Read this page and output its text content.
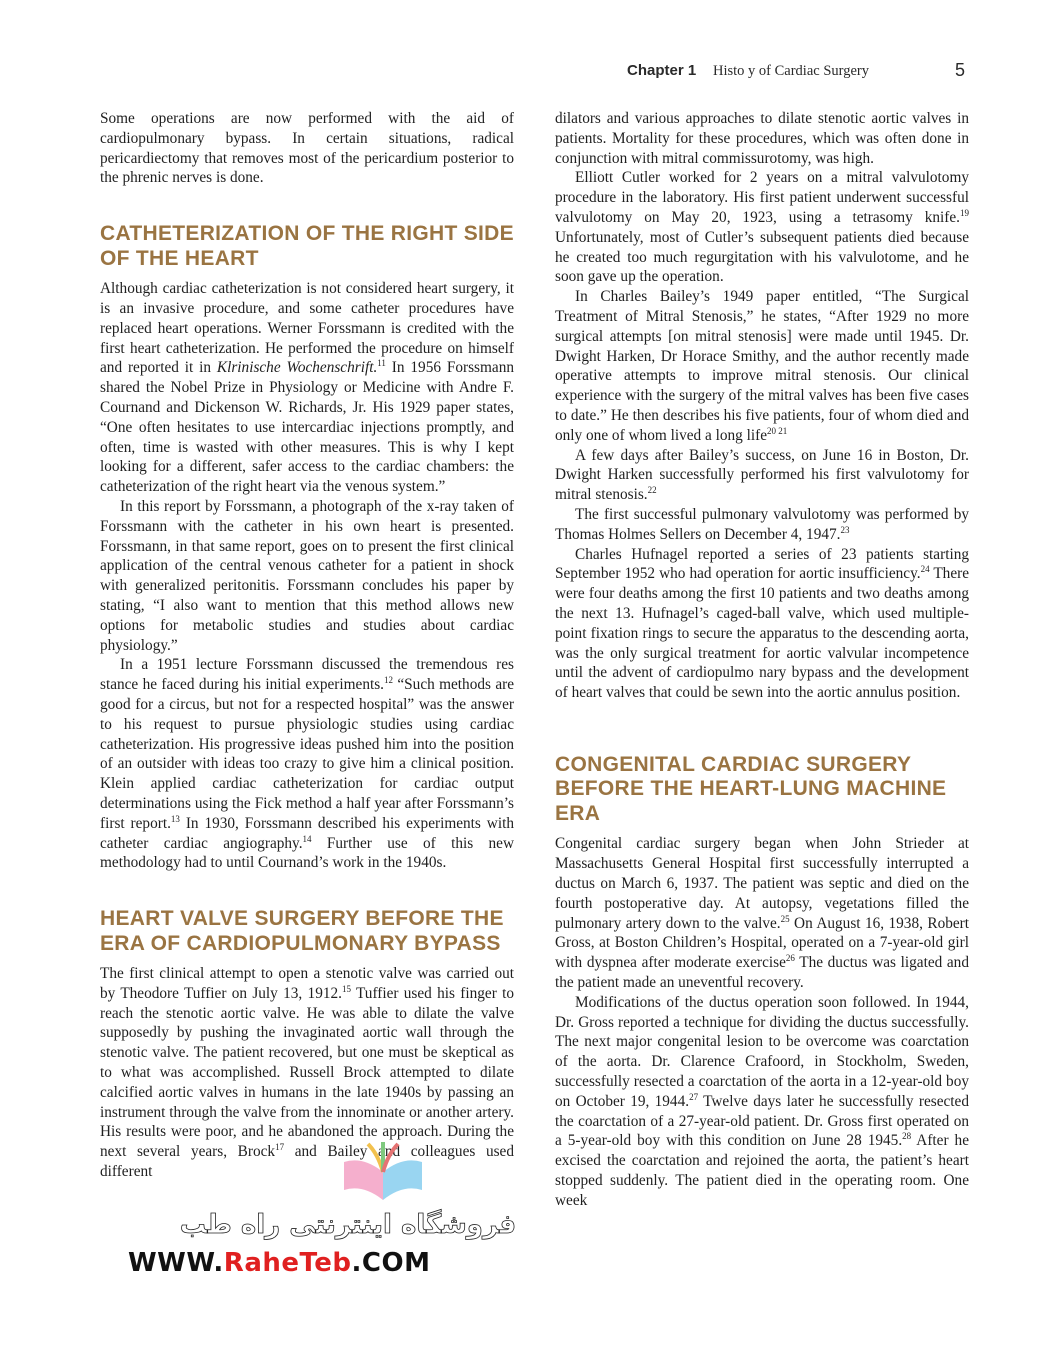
Chapter 1 Histo y of Cardiac Surgery	5

Some operations are now performed with the aid of cardiopulmonary bypass. In certain situations, radical pericardiectomy that removes most of the pericardium posterior to the phrenic nerves is done.

CATHETERIZATION OF THE RIGHT SIDE OF THE HEART

Although cardiac catheterization is not considered heart surgery, it is an invasive procedure, and some catheter procedures have replaced heart operations. Werner Forssmann is credited with the first heart catheterization. He performed the procedure on himself and reported it in Klrinische Wochenschrift.$^{11}$ In 1956 Forssmann shared the Nobel Prize in Physiology or Medicine with Andre F. Cournand and Dickenson W. Richards, Jr. His 1929 paper states, “One often hesitates to use intercardiac injections promptly, and often, time is wasted with other measures. This is why I kept looking for a different, safer access to the cardiac chambers: the catheterization of the right heart via the venous system.”

In this report by Forssmann, a photograph of the x-ray taken of Forssmann with the catheter in his own heart is presented. Forssmann, in that same report, goes on to present the first clinical application of the central venous catheter for a patient in shock with generalized peritonitis. Forssmann concludes his paper by stating, “I also want to mention that this method allows new options for metabolic studies and studies about cardiac physiology.”

In a 1951 lecture Forssmann discussed the tremendous res stance he faced during his initial experiments.$^{12}$ “Such methods are good for a circus, but not for a respected hospital” was the answer to his request to pursue physiologic studies using cardiac catheterization. His progressive ideas pushed him into the position of an outsider with ideas too crazy to give him a clinical position. Klein applied cardiac catheterization for cardiac output determinations using the Fick method a half year after Forssmann’s first report.$^{13}$ In 1930, Forssmann described his experiments with catheter cardiac angiography.$^{14}$ Further use of this new methodology had to until Cournand’s work in the 1940s.

HEART VALVE SURGERY BEFORE THE ERA OF CARDIOPULMONARY BYPASS

The first clinical attempt to open a stenotic valve was carried out by Theodore Tuffier on July 13, 1912.15 Tuffier used his finger to reach the stenotic aortic valve. He was able to dilate the valve supposedly by pushing the invaginated aortic wall through the stenotic valve. The patient recovered, but one must be skeptical as to what was accomplished. Russell Brock attempted to dilate calcified aortic valves in humans in the late 1940s by passing an instrument through the valve from the innominate or another artery. His results were poor, and he abandoned the approach. During the next several years, Brock$^{17}$ and Bailey and colleagues used different

dilators and various approaches to dilate stenotic aortic valves in patients. Mortality for these procedures, which was often done in conjunction with mitral commissurotomy, was high.

Elliott Cutler worked for 2 years on a mitral valvulotomy procedure in the laboratory. His first patient underwent successful valvulotomy on May 20, 1923, using a tetrasomy knife.$^{19}$ Unfortunately, most of Cutler’s subsequent patients died because he created too much regurgitation with his valvulotome, and he soon gave up the operation.

In Charles Bailey’s 1949 paper entitled, “The Surgical Treatment of Mitral Stenosis,” he states, “After 1929 no more surgical attempts [on mitral stenosis] were made until 1945. Dr. Dwight Harken, Dr Horace Smithy, and the author recently made operative attempts to improve mitral stenosis. Our clinical experience with the surgery of the mitral valves has been five cases to date.” He then describes his five patients, four of whom died and only one of whom lived a long life$^{20 21}$

A few days after Bailey’s success, on June 16 in Boston, Dr. Dwight Harken successfully performed his first valvulotomy for mitral stenosis.$^{22}$

The first successful pulmonary valvulotomy was performed by Thomas Holmes Sellers on December 4, 1947.23

Charles Hufnagel reported a series of 23 patients starting September 1952 who had operation for aortic insufficiency.$^{24}$ There were four deaths among the first 10 patients and two deaths among the next 13. Hufnagel’s caged-ball valve, which used multiple-point fixation rings to secure the apparatus to the descending aorta, was the only surgical treatment for aortic valvular incompetence until the advent of cardiopulmo nary bypass and the development of heart valves that could be sewn into the aortic annulus position.

CONGENITAL CARDIAC SURGERY BEFORE THE HEART-LUNG MACHINE ERA

Congenital cardiac surgery began when John Strieder at Massachusetts General Hospital first successfully interrupted a ductus on March 6, 1937. The patient was septic and died on the fourth postoperative day. At autopsy, vegetations filled the pulmonary artery down to the valve.$^{25}$ On August 16, 1938, Robert Gross, at Boston Children’s Hospital, operated on a 7-year-old girl with dyspnea after moderate exercise$^{26}$ The ductus was ligated and the patient made an uneventful recovery.

Modifications of the ductus operation soon followed. In 1944, Dr. Gross reported a technique for dividing the ductus successfully. The next major congenital lesion to be overcome was coarctation of the aorta. Dr. Clarence Crafoord, in Stockholm, Sweden, successfully resected a coarctation of the aorta in a 12-year-old boy on October 19, 1944.27 Twelve days later he successfully resected the coarctation of a 27-year-old patient. Dr. Gross first operated on a 5-year-old boy with this condition on June 28 1945.28 After he excised the coarctation and rejoined the aorta, the patient’s heart stopped suddenly. The patient died in the operating room. One week

فروشگاه اینترنتی راه طب
WWW.RaheTeb.COM
